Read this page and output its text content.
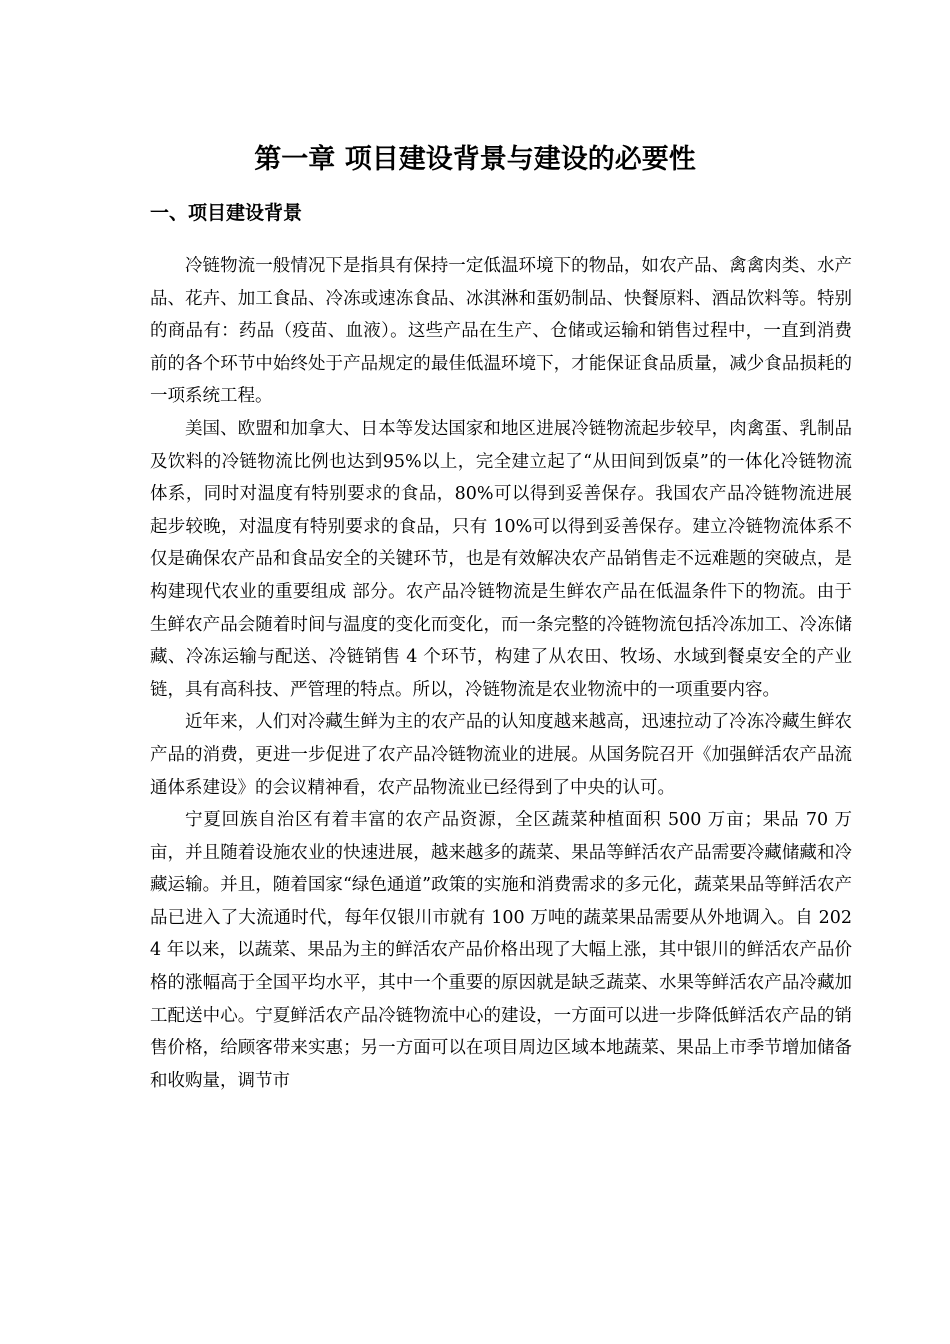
第一章 项目建设背景与建设的必要性
一、项目建设背景

冷链物流一般情况下是指具有保持一定低温环境下的物品，如农产品、禽禽肉类、水产品、花卉、加工食品、冷冻或速冻食品、冰淇淋和蛋奶制品、快餐原料、酒品饮料等。特别的商品有：药品（疫苗、血液）。这些产品在生产、仓储或运输和销售过程中，一直到消费前的各个环节中始终处于产品规定的最佳低温环境下，才能保证食品质量，减少食品损耗的一项系统工程。

美国、欧盟和加拿大、日本等发达国家和地区进展冷链物流起步较早，肉禽蛋、乳制品及饮料的冷链物流比例也达到95%以上，完全建立起了“从田间到饭桌”的一体化冷链物流体系，同时对温度有特别要求的食品，80%可以得到妥善保存。我国农产品冷链物流进展起步较晚，对温度有特别要求的食品，只有 10%可以得到妥善保存。建立冷链物流体系不仅是确保农产品和食品安全的关键环节，也是有效解决农产品销售走不远难题的突破点，是构建现代农业的重要组成 部分。农产品冷链物流是生鲜农产品在低温条件下的物流。由于生鲜农产品会随着时间与温度的变化而变化，而一条完整的冷链物流包括冷冻加工、冷冻储藏、冷冻运输与配送、冷链销售 4 个环节，构建了从农田、牧场、水域到餐桌安全的产业链，具有高科技、严管理的特点。所以，冷链物流是农业物流中的一项重要内容。

近年来，人们对冷藏生鲜为主的农产品的认知度越来越高，迅速拉动了冷冻冷藏生鲜农产品的消费，更进一步促进了农产品冷链物流业的进展。从国务院召开《加强鲜活农产品流通体系建设》的会议精神看，农产品物流业已经得到了中央的认可。

宁夏回族自治区有着丰富的农产品资源，全区蔬菜种植面积 500 万亩；果品 70 万亩，并且随着设施农业的快速进展，越来越多的蔬菜、果品等鲜活农产品需要冷藏储藏和冷藏运输。并且，随着国家“绿色通道”政策的实施和消费需求的多元化，蔬菜果品等鲜活农产品已进入了大流通时代，每年仅银川市就有 100 万吨的蔬菜果品需要从外地调入。自 2024 年以来，以蔬菜、果品为主的鲜活农产品价格出现了大幅上涨，其中银川的鲜活农产品价格的涨幅高于全国平均水平，其中一个重要的原因就是缺乏蔬菜、水果等鲜活农产品冷藏加工配送中心。宁夏鲜活农产品冷链物流中心的建设，一方面可以进一步降低鲜活农产品的销售价格，给顾客带来实惠；另一方面可以在项目周边区域本地蔬菜、果品上市季节增加储备和收购量，调节市
